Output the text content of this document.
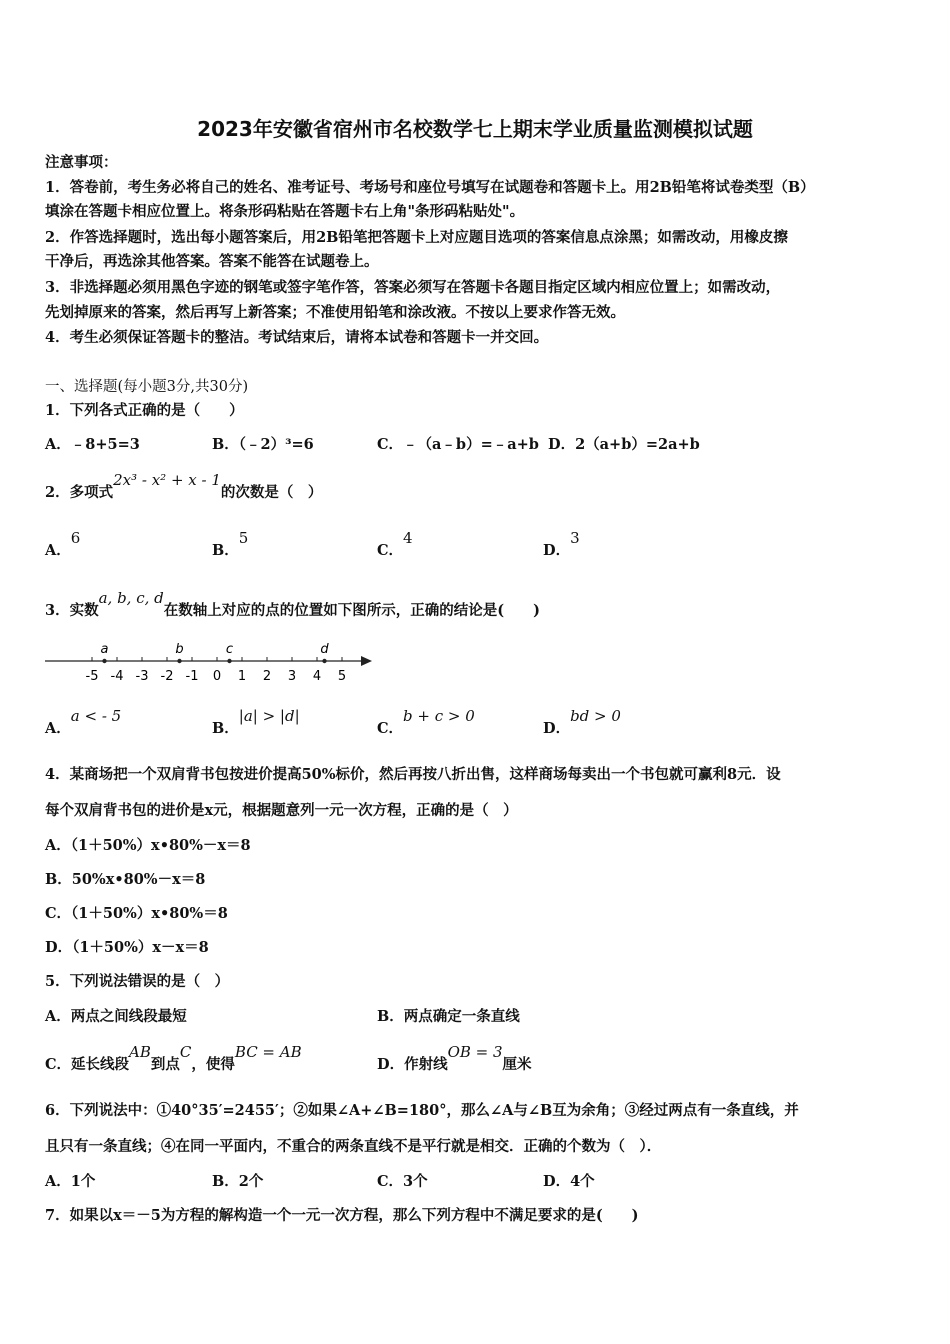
2023年安徽省宿州市名校数学七上期末学业质量监测模拟试题
注意事项：
1．答卷前，考生务必将自己的姓名、准考证号、考场号和座位号填写在试题卷和答题卡上。用2B铅笔将试卷类型（B）
填涂在答题卡相应位置上。将条形码粘贴在答题卡右上角"条形码粘贴处"。
2．作答选择题时，选出每小题答案后，用2B铅笔把答题卡上对应题目选项的答案信息点涂黑；如需改动，用橡皮擦
干净后，再选涂其他答案。答案不能答在试题卷上。
3．非选择题必须用黑色字迹的钢笔或签字笔作答，答案必须写在答题卡各题目指定区域内相应位置上；如需改动，
先划掉原来的答案，然后再写上新答案；不准使用铅笔和涂改液。不按以上要求作答无效。
4．考生必须保证答题卡的整洁。考试结束后，请将本试卷和答题卡一并交回。
一、选择题(每小题3分,共30分)
1．下列各式正确的是（　　）
A．﹣8+5=3	B．（﹣2）³=6	C．﹣（a﹣b）=﹣a+b D．2（a+b）=2a+b
2．多项式2x³ - x² + x - 1的次数是（　）
A．6
B．5
C．4
D．3
3．实数a, b, c, d在数轴上对应的点的位置如下图所示，正确的结论是(　　)
-5 -4 -3 -2 -1 0 1 2 3 4 5
a	b	c	d
A．a < - 5
B．|a| > |d|
C．b + c > 0
D．bd > 0
4．某商场把一个双肩背书包按进价提高50%标价，然后再按八折出售，这样商场每卖出一个书包就可赢利8元．设
每个双肩背书包的进价是x元，根据题意列一元一次方程，正确的是（　）
A．（1＋50%）x•80%－x＝8
B．50%x•80%－x＝8
C．（1＋50%）x•80%＝8
D．（1＋50%）x－x＝8
5．下列说法错误的是（　）
A．两点之间线段最短	B．两点确定一条直线
C．延长线段AB到点C，使得BC = AB
D．作射线OB = 3厘米
6．下列说法中：①40°35′=2455′；②如果∠A+∠B=180°，那么∠A与∠B互为余角；③经过两点有一条直线，并
且只有一条直线；④在同一平面内，不重合的两条直线不是平行就是相交．正确的个数为（　）．
A．1个	B．2个	C．3个	D．4个
7．如果以x＝－5为方程的解构造一个一元一次方程，那么下列方程中不满足要求的是(　　)
